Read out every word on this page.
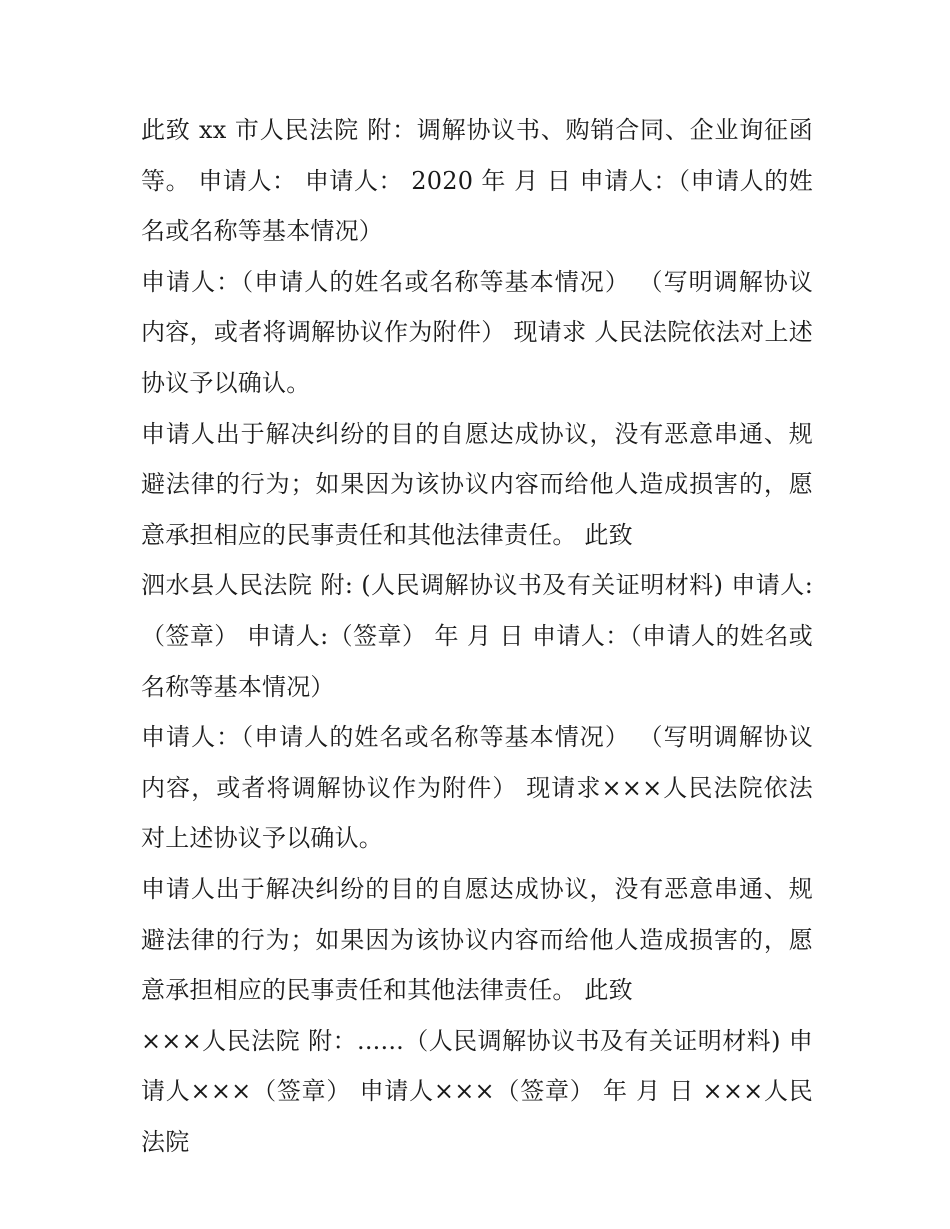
此致 xx 市人民法院 附：调解协议书、购销合同、企业询征函等。 申请人： 申请人： 2020 年 月 日 申请人：（申请人的姓名或名称等基本情况）

申请人：（申请人的姓名或名称等基本情况） （写明调解协议内容，或者将调解协议作为附件） 现请求 人民法院依法对上述协议予以确认。

申请人出于解决纠纷的目的自愿达成协议，没有恶意串通、规避法律的行为；如果因为该协议内容而给他人造成损害的，愿意承担相应的民事责任和其他法律责任。 此致

泗水县人民法院 附: (人民调解协议书及有关证明材料) 申请人:（签章） 申请人:（签章） 年 月 日 申请人：（申请人的姓名或名称等基本情况）

申请人：（申请人的姓名或名称等基本情况） （写明调解协议内容，或者将调解协议作为附件） 现请求×××人民法院依法对上述协议予以确认。

申请人出于解决纠纷的目的自愿达成协议，没有恶意串通、规避法律的行为；如果因为该协议内容而给他人造成损害的，愿意承担相应的民事责任和其他法律责任。 此致

×××人民法院 附：......（人民调解协议书及有关证明材料) 申请人×××（签章） 申请人×××（签章） 年 月 日 ×××人民法院
